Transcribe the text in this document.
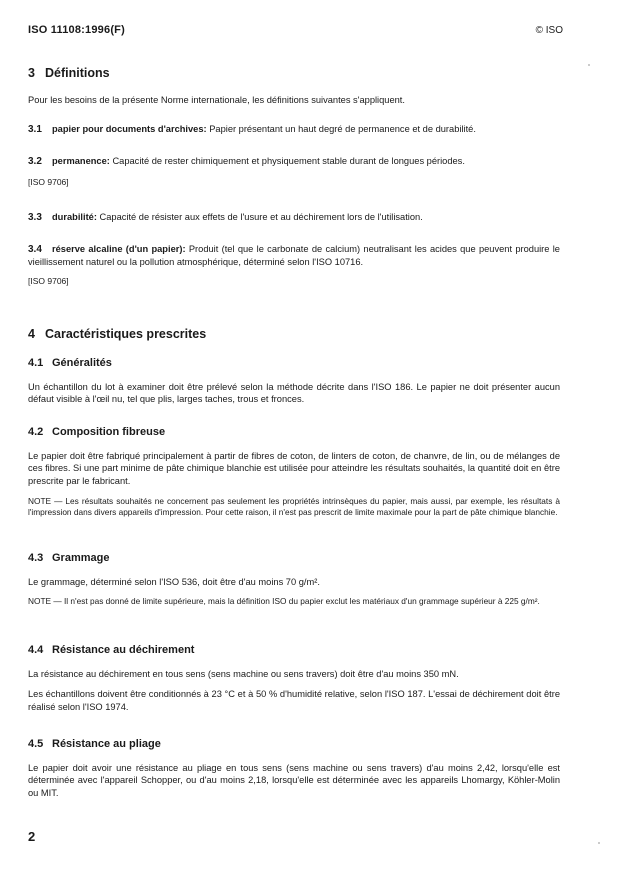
ISO 11108:1996(F)	© ISO
3 Définitions

Pour les besoins de la présente Norme internationale, les définitions suivantes s'appliquent.

3.1 papier pour documents d'archives: Papier présentant un haut degré de permanence et de durabilité.

3.2 permanence: Capacité de rester chimiquement et physiquement stable durant de longues périodes.

[ISO 9706]

3.3 durabilité: Capacité de résister aux effets de l'usure et au déchirement lors de l'utilisation.

3.4 réserve alcaline (d'un papier): Produit (tel que le carbonate de calcium) neutralisant les acides que peuvent produire le vieillissement naturel ou la pollution atmosphérique, déterminé selon l'ISO 10716.

[ISO 9706]

4 Caractéristiques prescrites
4.1 Généralités

Un échantillon du lot à examiner doit être prélevé selon la méthode décrite dans l'ISO 186. Le papier ne doit présenter aucun défaut visible à l'œil nu, tel que plis, larges taches, trous et fronces.

4.2 Composition fibreuse

Le papier doit être fabriqué principalement à partir de fibres de coton, de linters de coton, de chanvre, de lin, ou de mélanges de ces fibres. Si une part minime de pâte chimique blanchie est utilisée pour atteindre les résultats souhaités, la quantité doit en être prescrite par le fabricant.

NOTE — Les résultats souhaités ne concernent pas seulement les propriétés intrinsèques du papier, mais aussi, par exemple, les résultats à l'impression dans divers appareils d'impression. Pour cette raison, il n'est pas prescrit de limite maximale pour la part de pâte chimique blanchie.

4.3 Grammage

Le grammage, déterminé selon l'ISO 536, doit être d'au moins 70 g/m².

NOTE — Il n'est pas donné de limite supérieure, mais la définition ISO du papier exclut les matériaux d'un grammage supérieur à 225 g/m².

4.4 Résistance au déchirement

La résistance au déchirement en tous sens (sens machine ou sens travers) doit être d'au moins 350 mN.

Les échantillons doivent être conditionnés à 23 °C et à 50 % d'humidité relative, selon l'ISO 187. L'essai de déchirement doit être réalisé selon l'ISO 1974.

4.5 Résistance au pliage

Le papier doit avoir une résistance au pliage en tous sens (sens machine ou sens travers) d'au moins 2,42, lorsqu'elle est déterminée avec l'appareil Schopper, ou d'au moins 2,18, lorsqu'elle est déterminée avec les appareils Lhomargy, Köhler-Molin ou MIT.

2
